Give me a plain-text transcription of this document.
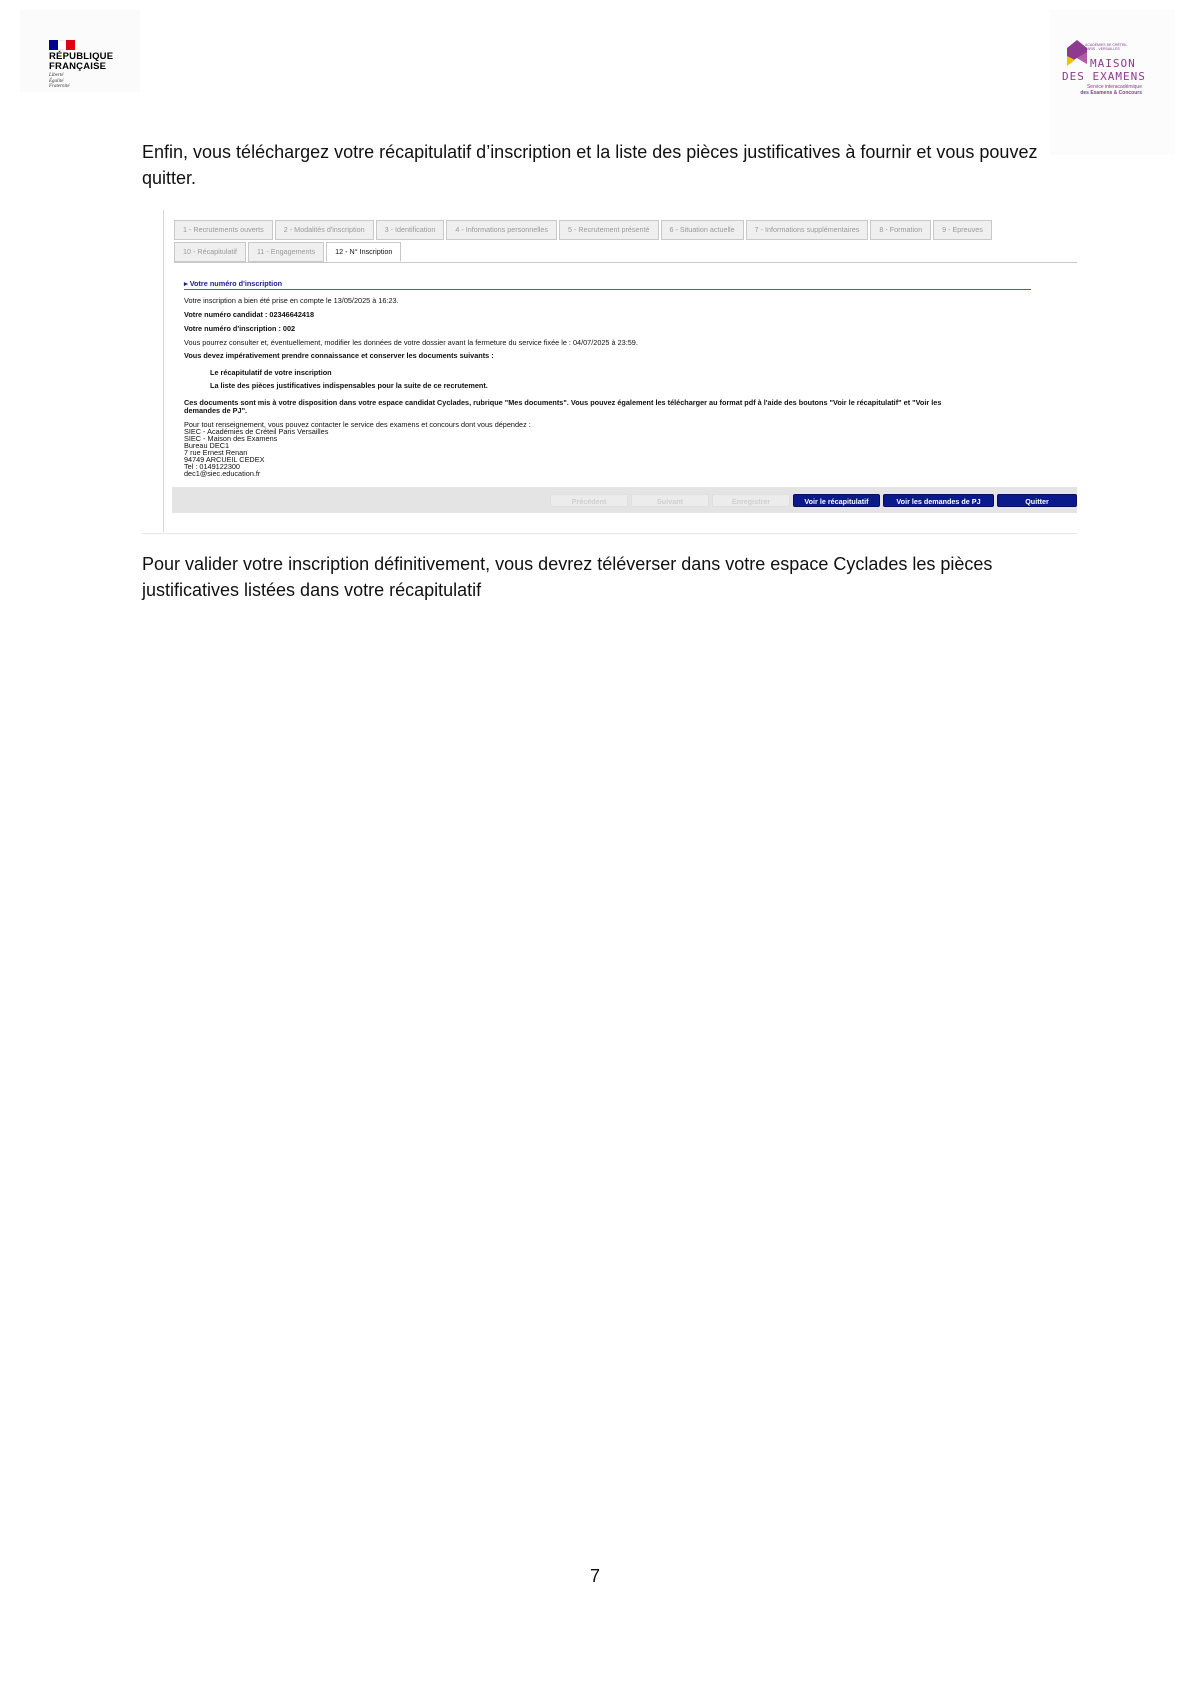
RÉPUBLIQUE
FRANÇAISE
Liberté
Égalité
Fraternité
ACADÉMIES DE CRÉTEIL PARIS - VERSAILLES
MAISON
DES EXAMENS
Service interacadémique
des Examens & Concours
Enfin, vous téléchargez votre récapitulatif d’inscription et la liste des pièces justificatives à fournir et vous pouvez quitter.
1 - Recrutements ouverts	2 - Modalités d'inscription	3 - Identification	4 - Informations personnelles	5 - Recrutement présenté	6 - Situation actuelle	7 - Informations supplémentaires	8 - Formation	9 - Epreuves
10 - Récapitulatif	11 - Engagements	12 - N° Inscription
▸ Votre numéro d'inscription
Votre inscription a bien été prise en compte le 13/05/2025 à 16:23.
Votre numéro candidat : 02346642418
Votre numéro d'inscription : 002
Vous pourrez consulter et, éventuellement, modifier les données de votre dossier avant la fermeture du service fixée le : 04/07/2025 à 23:59.
Vous devez impérativement prendre connaissance et conserver les documents suivants :
Le récapitulatif de votre inscription
La liste des pièces justificatives indispensables pour la suite de ce recrutement.
Ces documents sont mis à votre disposition dans votre espace candidat Cyclades, rubrique "Mes documents". Vous pouvez également les télécharger au format pdf à l'aide des boutons "Voir le récapitulatif" et "Voir les
demandes de PJ".
Pour tout renseignement, vous pouvez contacter le service des examens et concours dont vous dépendez :
SIEC - Académies de Créteil Paris Versailles
SIEC - Maison des Examens
Bureau DEC1
7 rue Ernest Renan
94749 ARCUEIL CEDEX
Tel : 0149122300
dec1@siec.education.fr
Précédent	Suivant	Enregistrer	Voir le récapitulatif	Voir les demandes de PJ	Quitter
Pour valider votre inscription définitivement, vous devrez téléverser dans votre espace Cyclades les pièces justificatives listées dans votre récapitulatif
7
